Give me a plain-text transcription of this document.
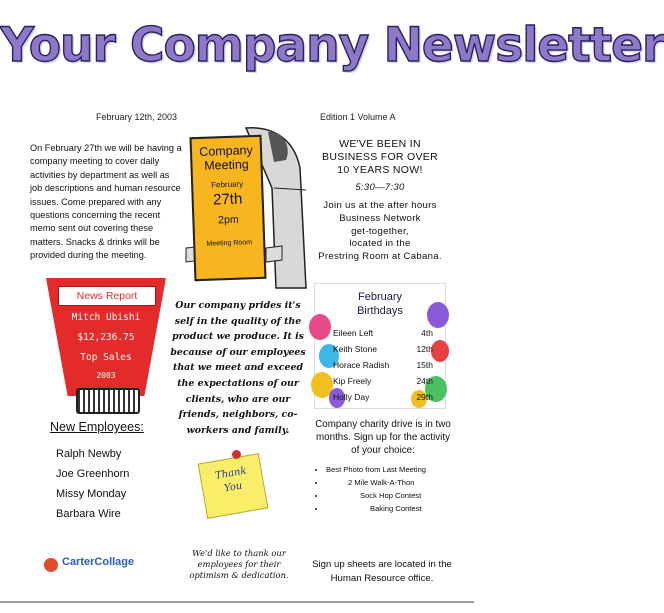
Your Company Newsletter
February 12th, 2003	Edition 1 Volume A
On February 27th we will be having a company meeting to cover daily activities by department as well as job descriptions and human resource issues. Come prepared with any questions concerning the recent memo sent out covering these matters. Snacks & drinks will be provided during the meeting.
Company
Meeting
February
27th
2pm
Meeting Room
WE'VE BEEN IN
BUSINESS FOR OVER
10 YEARS NOW!
5:30—7:30
Join us at the after hours
Business Network
get-together,
located in the
Prestring Room at Cabana.
News Report
Mitch Ubishi
$12,236.75
Top Sales
2003
Our company prides it's self in the quality of the product we produce. It is because of our employees that we meet and exceed the expectations of our clients, who are our friends, neighbors, co-workers and family.
February
Birthdays
Eileen Left	4th
Keith Stone	12th
Horace Radish	15th
Kip Freely	24th
Holly Day	29th
Company charity drive is in two months. Sign up for the activity of your choice:
• Best Photo from Last Meeting
• 2 Mile Walk-A-Thon
• Sock Hop Contest
• Baking Contest
Sign up sheets are located in the Human Resource office.
New Employees:
Ralph Newby
Joe Greenhorn
Missy Monday
Barbara Wire
Thank
You
We'd like to thank our employees for their optimism & dedication.
CarterCollage
